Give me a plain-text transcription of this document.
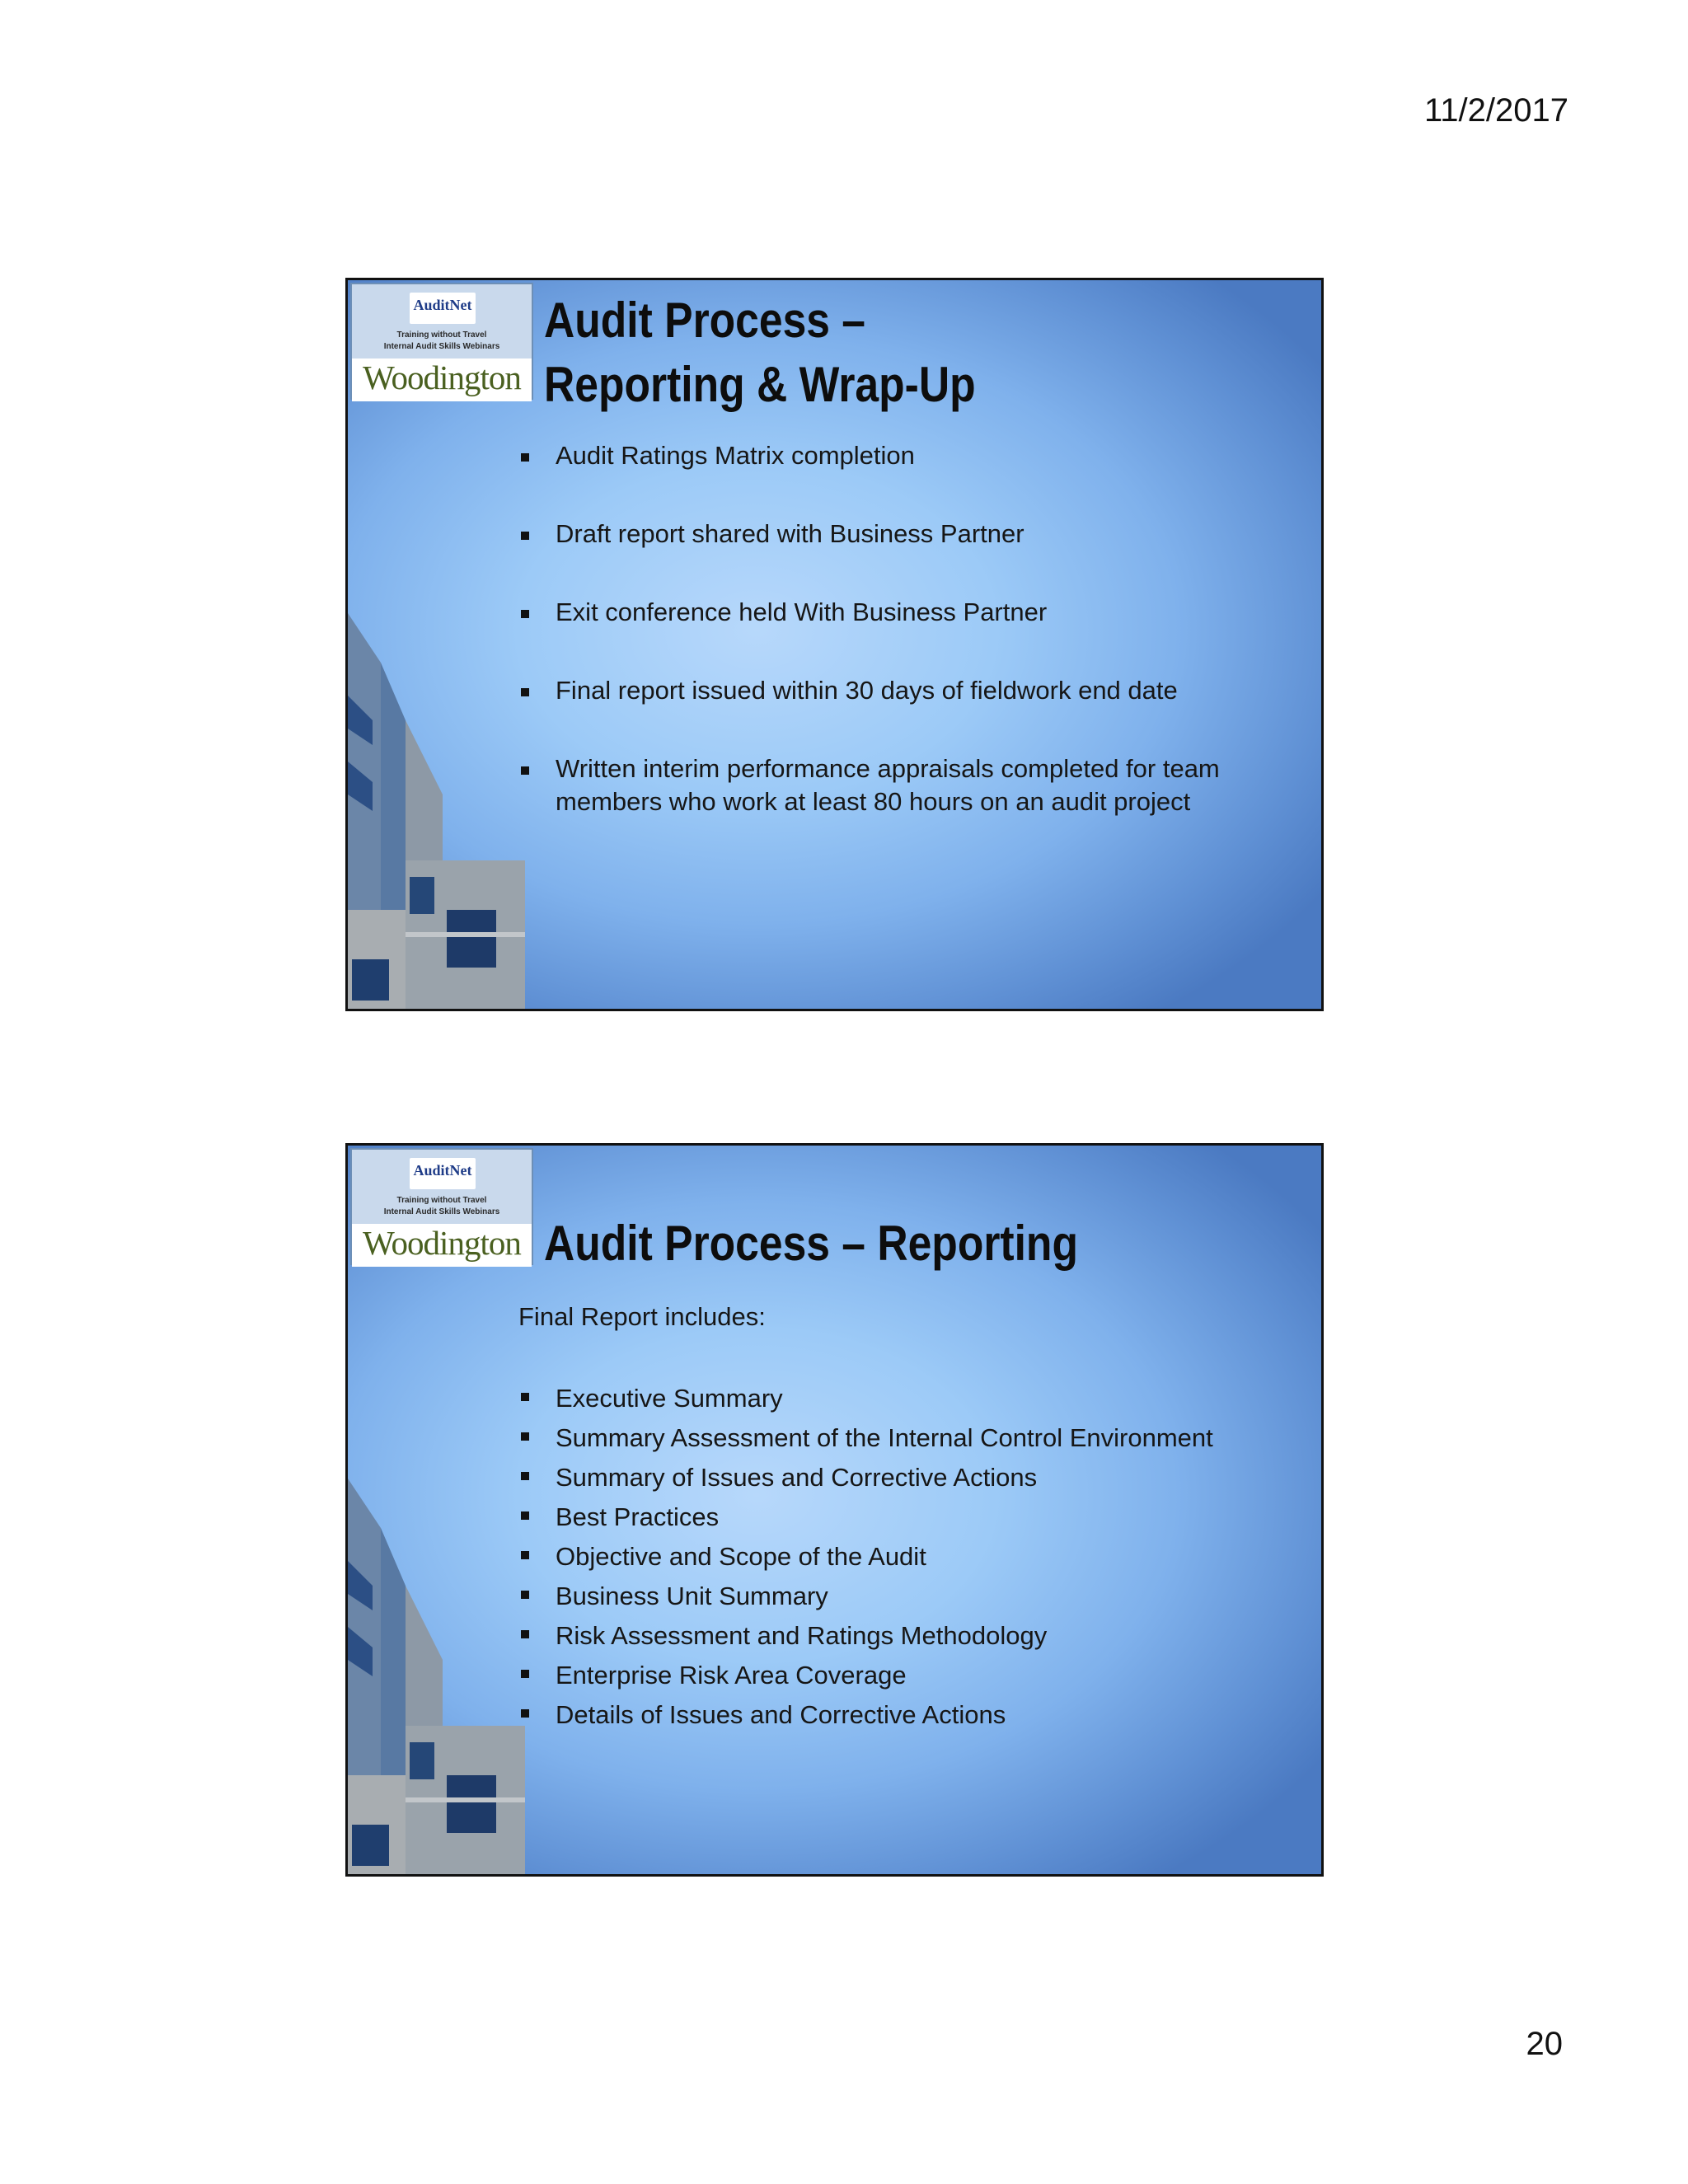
11/2/2017
AuditNet
Training without Travel
Internal Audit Skills Webinars
Woodington
Audit Process –
Reporting & Wrap-Up
Audit Ratings Matrix completion
Draft report shared with Business Partner
Exit conference held With Business Partner
Final report issued within 30 days of fieldwork end date
Written interim performance appraisals completed for team members who work at least 80 hours on an audit project
AuditNet
Training without Travel
Internal Audit Skills Webinars
Woodington Audit Process – Reporting
Final Report includes:
Executive Summary
Summary Assessment of the Internal Control Environment
Summary of Issues and Corrective Actions
Best Practices
Objective and Scope of the Audit
Business Unit Summary
Risk Assessment and Ratings Methodology
Enterprise Risk Area Coverage
Details of Issues and Corrective Actions
20
